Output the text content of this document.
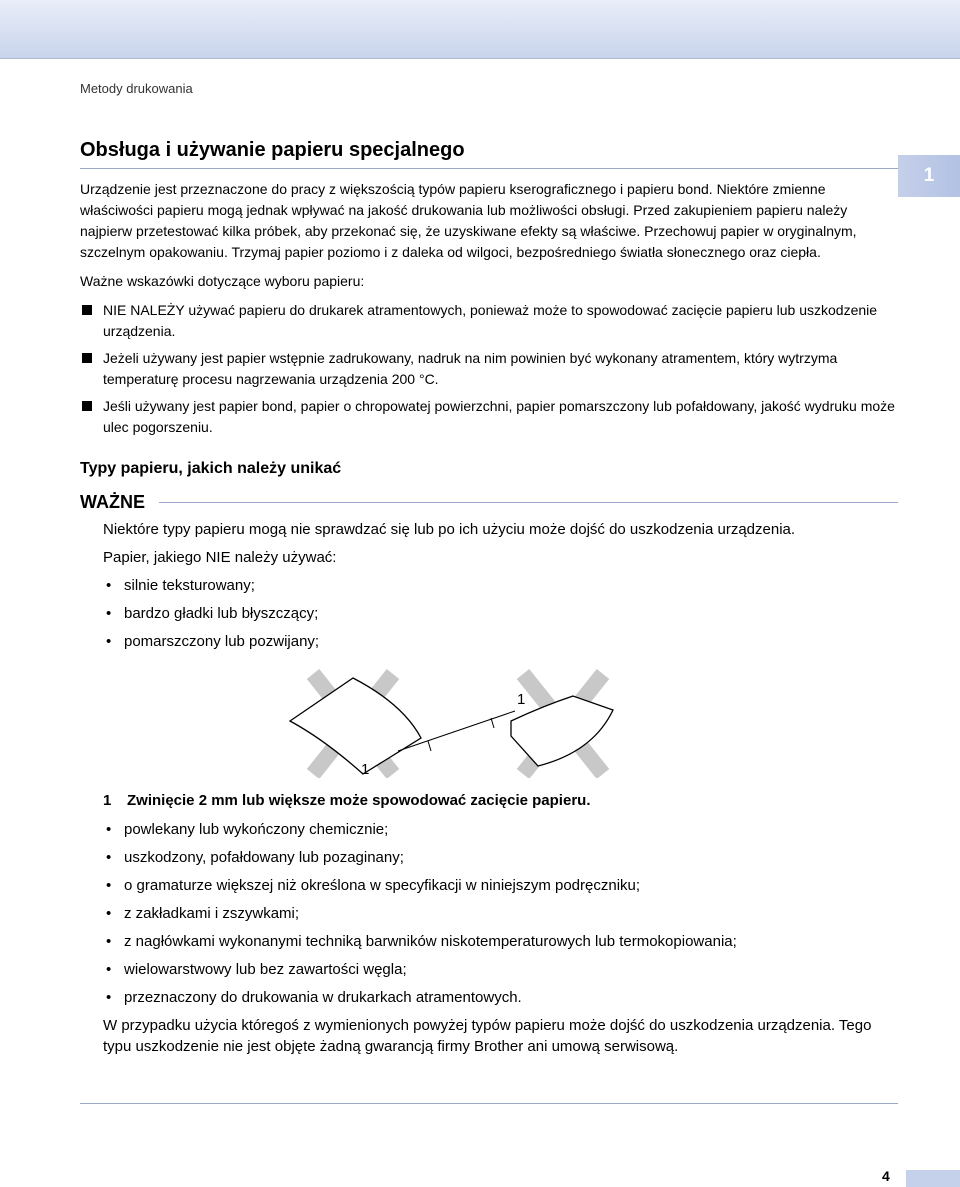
Metody drukowania
1
Obsługa i używanie papieru specjalnego

Urządzenie jest przeznaczone do pracy z większością typów papieru kserograficznego i papieru bond. Niektóre zmienne właściwości papieru mogą jednak wpływać na jakość drukowania lub możliwości obsługi. Przed zakupieniem papieru należy najpierw przetestować kilka próbek, aby przekonać się, że uzyskiwane efekty są właściwe. Przechowuj papier w oryginalnym, szczelnym opakowaniu. Trzymaj papier poziomo i z daleka od wilgoci, bezpośredniego światła słonecznego oraz ciepła.

Ważne wskazówki dotyczące wyboru papieru:

NIE NALEŻY używać papieru do drukarek atramentowych, ponieważ może to spowodować zacięcie papieru lub uszkodzenie urządzenia.
Jeżeli używany jest papier wstępnie zadrukowany, nadruk na nim powinien być wykonany atramentem, który wytrzyma temperaturę procesu nagrzewania urządzenia 200 °C.
Jeśli używany jest papier bond, papier o chropowatej powierzchni, papier pomarszczony lub pofałdowany, jakość wydruku może ulec pogorszeniu.
Typy papieru, jakich należy unikać
WAŻNE

Niektóre typy papieru mogą nie sprawdzać się lub po ich użyciu może dojść do uszkodzenia urządzenia.

Papier, jakiego NIE należy używać:

• silnie teksturowany;
• bardzo gładki lub błyszczący;
• pomarszczony lub pozwijany;
1
1
1 Zwinięcie 2 mm lub większe może spowodować zacięcie papieru.
• powlekany lub wykończony chemicznie;
• uszkodzony, pofałdowany lub pozaginany;
• o gramaturze większej niż określona w specyfikacji w niniejszym podręczniku;
• z zakładkami i zszywkami;
• z nagłówkami wykonanymi techniką barwników niskotemperaturowych lub termokopiowania;
• wielowarstwowy lub bez zawartości węgla;
• przeznaczony do drukowania w drukarkach atramentowych.

W przypadku użycia któregoś z wymienionych powyżej typów papieru może dojść do uszkodzenia urządzenia. Tego typu uszkodzenie nie jest objęte żadną gwarancją firmy Brother ani umową serwisową.

4
